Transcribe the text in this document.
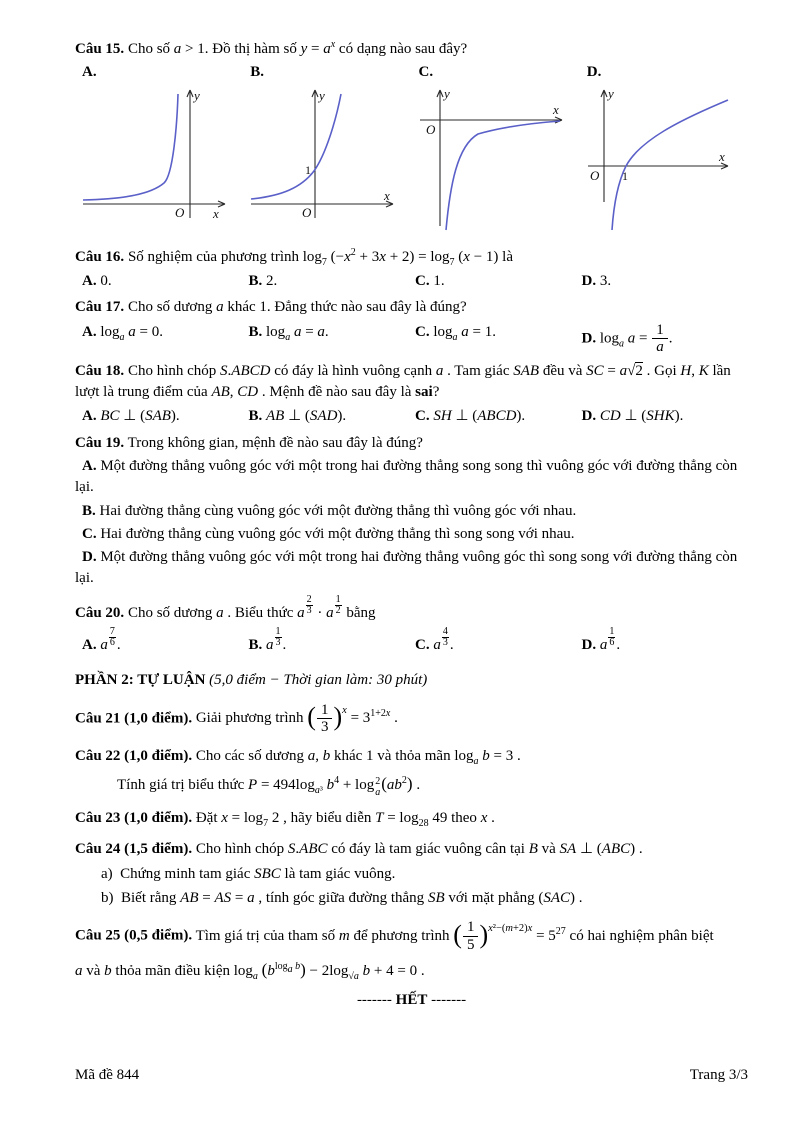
Câu 15. Cho số a > 1. Đồ thị hàm số $y = a^x$ có dạng nào sau đây?

A.
y
x
O
B.
y
x
O
1
C.
y
x
O
D.
y
x
O 1

Câu 16. Số nghiệm của phương trình $\log_7 (-x^2 + 3x + 2) = \log_7 (x - 1)$ là

A. 0.	B. 2.	C. 1.	D. 3.

Câu 17. Cho số dương a khác 1. Đẳng thức nào sau đây là đúng?

A. $\log_a a = 0$.	B. $\log_a a = a$.	C. $\log_a a = 1$.	D. $\log_a a = \frac{1}{a}$ .

Câu 18. Cho hình chóp S.ABCD có đáy là hình vuông cạnh a . Tam giác SAB đều và SC = a√2 . Gọi H, K lần lượt là trung điểm của AB, CD . Mệnh đề nào sau đây là sai?

A. BC ⊥ (SAB).	B. AB ⊥ (SAD).	C. SH ⊥ (ABCD).	D. CD ⊥ (SHK).

Câu 19. Trong không gian, mệnh đề nào sau đây là đúng?

A. Một đường thẳng vuông góc với một trong hai đường thẳng song song thì vuông góc với đường thẳng còn lại.

B. Hai đường thẳng cùng vuông góc với một đường thẳng thì vuông góc với nhau.

C. Hai đường thẳng cùng vuông góc với một đường thẳng thì song song với nhau.

D. Một đường thẳng vuông góc với một trong hai đường thẳng vuông góc thì song song với đường thẳng còn lại.

Câu 20. Cho số dương a . Biểu thức a $\frac{2}{3} \cdot a \frac{1}{2}$ bằng

A. a $\frac{7}{6}$ .	B. a $\frac{1}{3}$ .	C. a $\frac{4}{3}$ .	D. a $\frac{1}{6}$ .

PHẦN 2: TỰ LUẬN (5,0 điểm − Thời gian làm: 30 phút)

Câu 21 (1,0 điểm). Giải phương trình ( $\frac{1}{3} )^x = 3^{1+2x}$ .

Câu 22 (1,0 điểm). Cho các số dương a, b khác 1 và thỏa mãn $\log_a b = 3$ .

Tính giá trị biểu thức $P = 494\log_{a^3}$ $b^4 + \log 2$
a $(ab^2)$ .

Câu 23 (1,0 điểm). Đặt $x = \log_7 2$ , hãy biểu diễn $T = \log_{28} 49$ theo x .

Câu 24 (1,5 điểm). Cho hình chóp S.ABC có đáy là tam giác vuông cân tại B và SA ⊥ (ABC) .

a)  Chứng minh tam giác SBC là tam giác vuông.

b)  Biết rằng AB = AS = a , tính góc giữa đường thẳng SB với mặt phẳng (SAC) .

Câu 25 (0,5 điểm). Tìm giá trị của tham số m để phương trình ( $\frac{1}{5} )^{x^2-(m+2)x} = 5^{27}$ có hai nghiệm phân biệt

a và b thỏa mãn điều kiện $\log_a (b^{log_a b}) - 2\log_{√a}$ b + 4 = 0 .

------- HẾT -------

Mã đề 844	Trang 3/3
